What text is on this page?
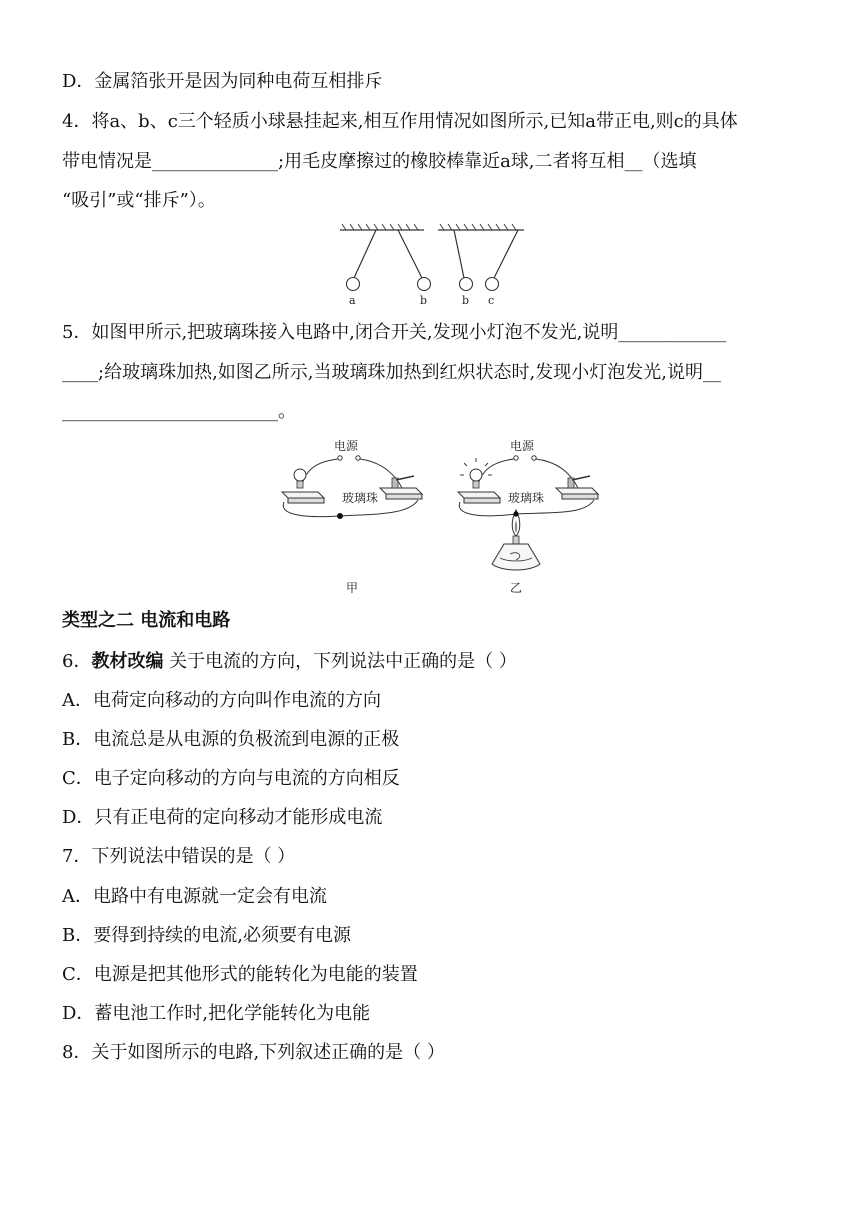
D．金属箔张开是因为同种电荷互相排斥
4．将a、b、c三个轻质小球悬挂起来,相互作用情况如图所示,已知a带正电,则c的具体
带电情况是______________;用毛皮摩擦过的橡胶棒靠近a球,二者将互相__（选填
“吸引”或“排斥”）。
a	b	b c
5．如图甲所示,把玻璃珠接入电路中,闭合开关,发现小灯泡不发光,说明____________
____;给玻璃珠加热,如图乙所示,当玻璃珠加热到红炽状态时,发现小灯泡发光,说明__
________________________。
电源
玻璃珠
甲
电源
玻璃珠
乙
类型之二 电流和电路
6．教材改编 关于电流的方向，下列说法中正确的是（ ）
A．电荷定向移动的方向叫作电流的方向
B．电流总是从电源的负极流到电源的正极
C．电子定向移动的方向与电流的方向相反
D．只有正电荷的定向移动才能形成电流
7．下列说法中错误的是（ ）
A．电路中有电源就一定会有电流
B．要得到持续的电流,必须要有电源
C．电源是把其他形式的能转化为电能的装置
D．蓄电池工作时,把化学能转化为电能
8．关于如图所示的电路,下列叙述正确的是（ ）
